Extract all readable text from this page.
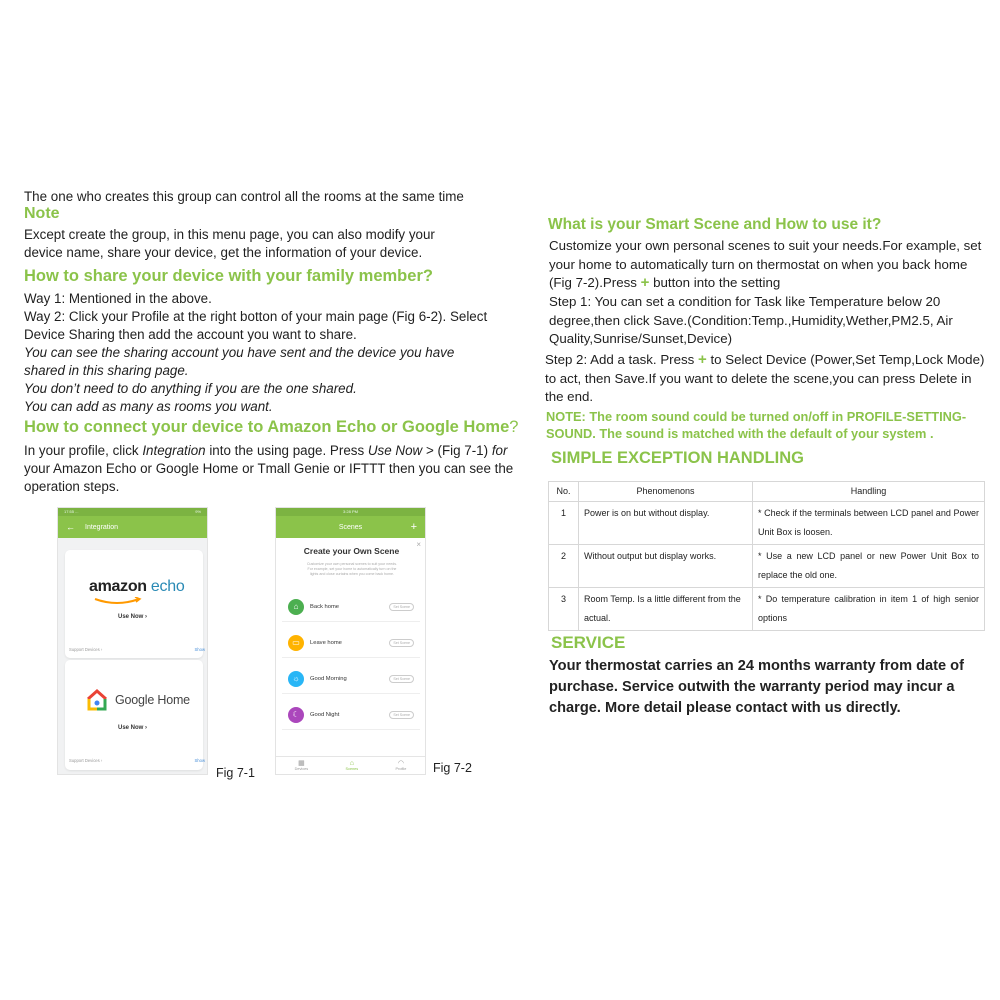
The one who creates this group can control all the rooms at the same time
Note
Except create the group, in this menu page, you can also modify your device name, share your device, get the information of your device.
How to share your device with your family member?
Way 1: Mentioned in the above.
Way 2: Click your Profile at the right botton of your main page (Fig 6-2). Select Device Sharing then add the account you want to share.
You can see the sharing account you have sent and the device you have shared in this sharing page.
You don’t need to do anything if you are the one shared.
You can add as many as rooms you want.
How to connect your device to Amazon Echo or Google Home?
In your profile, click Integration into the using page. Press Use Now > (Fig 7-1) for your Amazon Echo or Google Home or Tmall Genie or IFTTT then you can see the operation steps.
17:55 ...	9%
← Integration
amazon echo
Use Now ›
Support Devices ›	Show
Google Home
Use Now ›
Support Devices ›	Show
Fig 7-1
3:28 PM
Scenes	+
×
Create your Own Scene
Customize your own personal scenes to suit your needs. For example, set your home to automatically turn on the lights and close curtains when you come back home.
⌂	Back home	Set Scene
▭	Leave home	Set Scene
☼	Good Morning	Set Scene
☾	Good Night	Set Scene
▦
Devices
⌂
Scenes
◠
Profile Fig 7-2
What is your Smart Scene and How to use it?
Customize your own personal scenes to suit your needs.For example, set your home to automatically turn on thermostat on when you back home (Fig 7-2).Press + button into the setting
Step 1: You can set a condition for Task like Temperature below 20 degree,then click Save.(Condition:Temp.,Humidity,Wether,PM2.5, Air Quality,Sunrise/Sunset,Device)
Step 2: Add a task. Press + to Select Device (Power,Set Temp,Lock Mode) to act, then Save.If you want to delete the scene,you can press Delete in the end.
NOTE: The room sound could be turned on/off in PROFILE-SETTING-SOUND. The sound is matched with the default of your system .
SIMPLE EXCEPTION HANDLING
No.	Phenomenons	Handling
1	Power is on but without display.	* Check if the terminals between LCD panel and Power Unit Box is loosen.
2	Without output but display works.	* Use a new LCD panel or new Power Unit Box to replace the old one.
3	Room Temp. Is a little different from the actual.	* Do temperature calibration in item 1 of high senior options
SERVICE
Your thermostat carries an 24 months warranty from date of purchase. Service outwith the warranty period may incur a charge. More detail please contact with us directly.
